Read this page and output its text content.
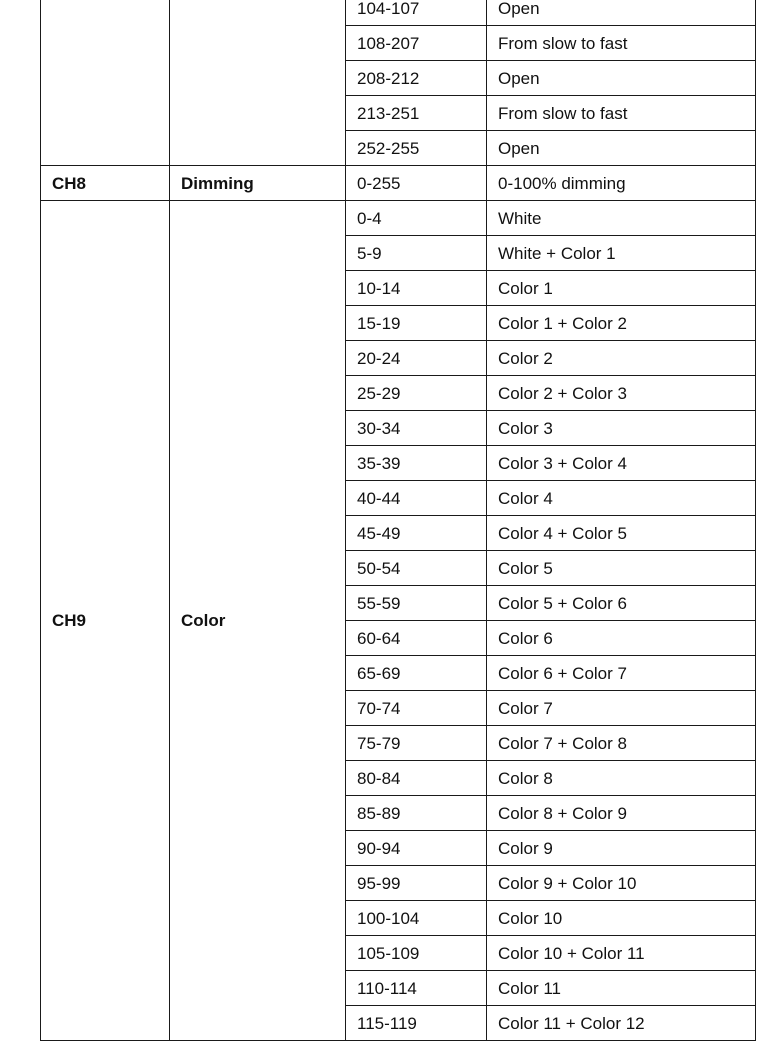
		104-107	Open
		108-207	From slow to fast
		208-212	Open
		213-251	From slow to fast
		252-255	Open
CH8	Dimming	0-255	0-100% dimming
CH9	Color	0-4	White
		5-9	White + Color 1
		10-14	Color 1
		15-19	Color 1 + Color 2
		20-24	Color 2
		25-29	Color 2 + Color 3
		30-34	Color 3
		35-39	Color 3 + Color 4
		40-44	Color 4
		45-49	Color 4 + Color 5
		50-54	Color 5
		55-59	Color 5 + Color 6
		60-64	Color 6
		65-69	Color 6 + Color 7
		70-74	Color 7
		75-79	Color 7 + Color 8
		80-84	Color 8
		85-89	Color 8 + Color 9
		90-94	Color 9
		95-99	Color 9 + Color 10
		100-104	Color 10
		105-109	Color 10 + Color 11
		110-114	Color 11
		115-119	Color 11 + Color 12
